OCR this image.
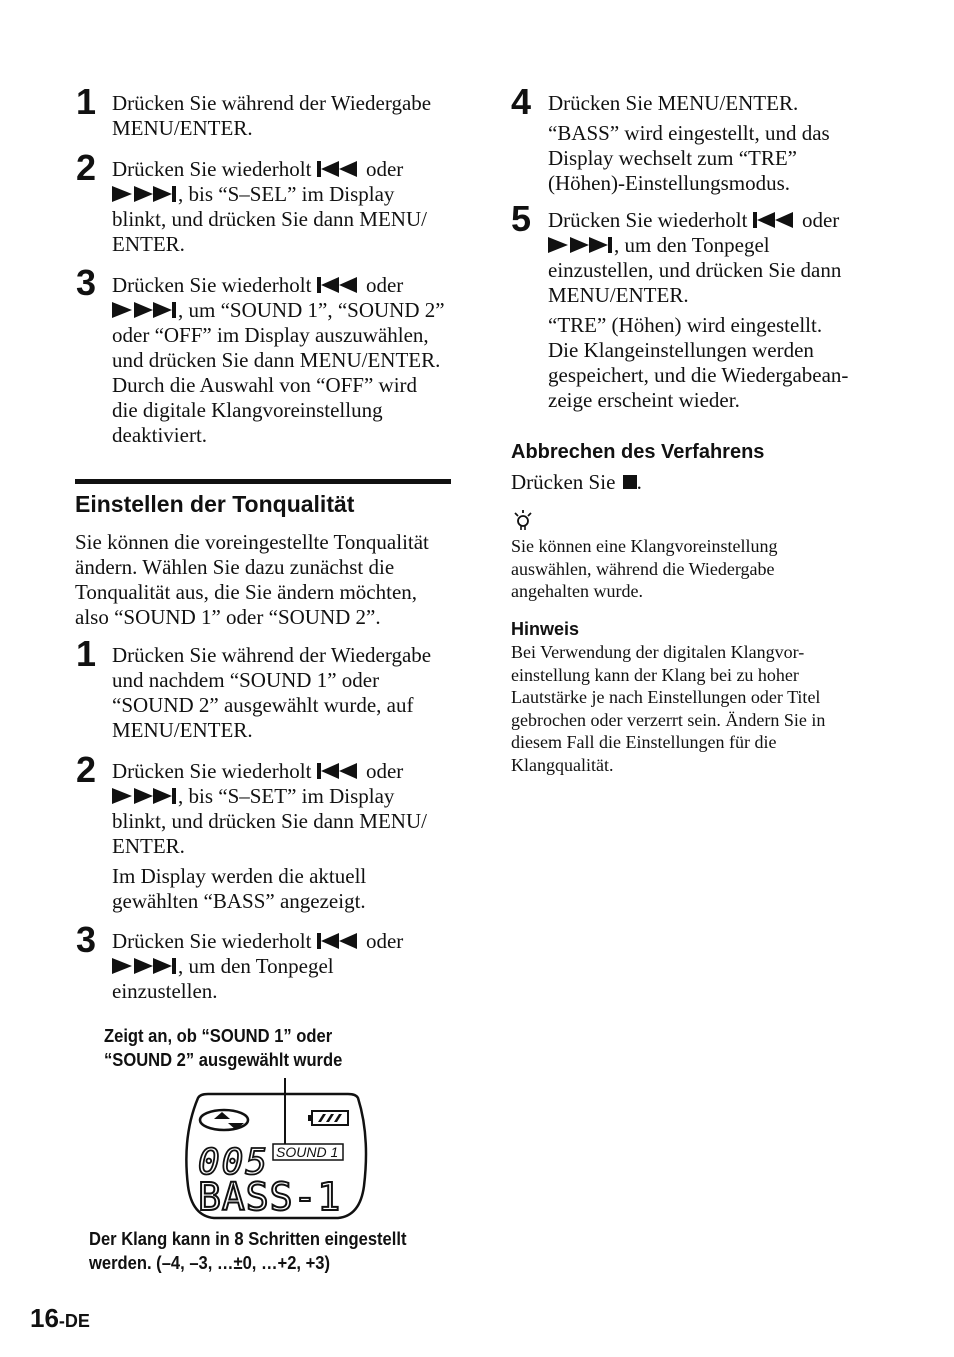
1 Drücken Sie während der Wiedergabe
MENU/ENTER.
2 Drücken Sie wiederholt	oder
, bis “S–SEL” im Display
blinkt, und drücken Sie dann MENU/
ENTER.
3 Drücken Sie wiederholt	oder
, um “SOUND 1”, “SOUND 2”
oder “OFF” im Display auszuwählen,
und drücken Sie dann MENU/ENTER.
Durch die Auswahl von “OFF” wird
die digitale Klangvoreinstellung
deaktiviert.
Einstellen der Tonqualität
Sie können die voreingestellte Tonqualität
ändern. Wählen Sie dazu zunächst die
Tonqualität aus, die Sie ändern möchten,
also “SOUND 1” oder “SOUND 2”.
1 Drücken Sie während der Wiedergabe
und nachdem “SOUND 1” oder
“SOUND 2” ausgewählt wurde, auf
MENU/ENTER.
2 Drücken Sie wiederholt	oder
, bis “S–SET” im Display
blinkt, und drücken Sie dann MENU/
ENTER.
Im Display werden die aktuell
gewählten “BASS” angezeigt.
3 Drücken Sie wiederholt	oder
, um den Tonpegel
einzustellen.
Zeigt an, ob “SOUND 1” oder
“SOUND 2” ausgewählt wurde
SOUND 1
005
BASS-1
Der Klang kann in 8 Schritten eingestellt
werden. (–4, –3, …±0, …+2, +3)
16-DE
4 Drücken Sie MENU/ENTER.
“BASS” wird eingestellt, und das
Display wechselt zum “TRE”
(Höhen)-Einstellungsmodus.
5 Drücken Sie wiederholt	oder
, um den Tonpegel
einzustellen, und drücken Sie dann
MENU/ENTER.
“TRE” (Höhen) wird eingestellt.
Die Klangeinstellungen werden
gespeichert, und die Wiedergabean-
zeige erscheint wieder.
Abbrechen des Verfahrens
Drücken Sie .
Sie können eine Klangvoreinstellung
auswählen, während die Wiedergabe
angehalten wurde.
Hinweis
Bei Verwendung der digitalen Klangvor-
einstellung kann der Klang bei zu hoher
Lautstärke je nach Einstellungen oder Titel
gebrochen oder verzerrt sein. Ändern Sie in
diesem Fall die Einstellungen für die
Klangqualität.
